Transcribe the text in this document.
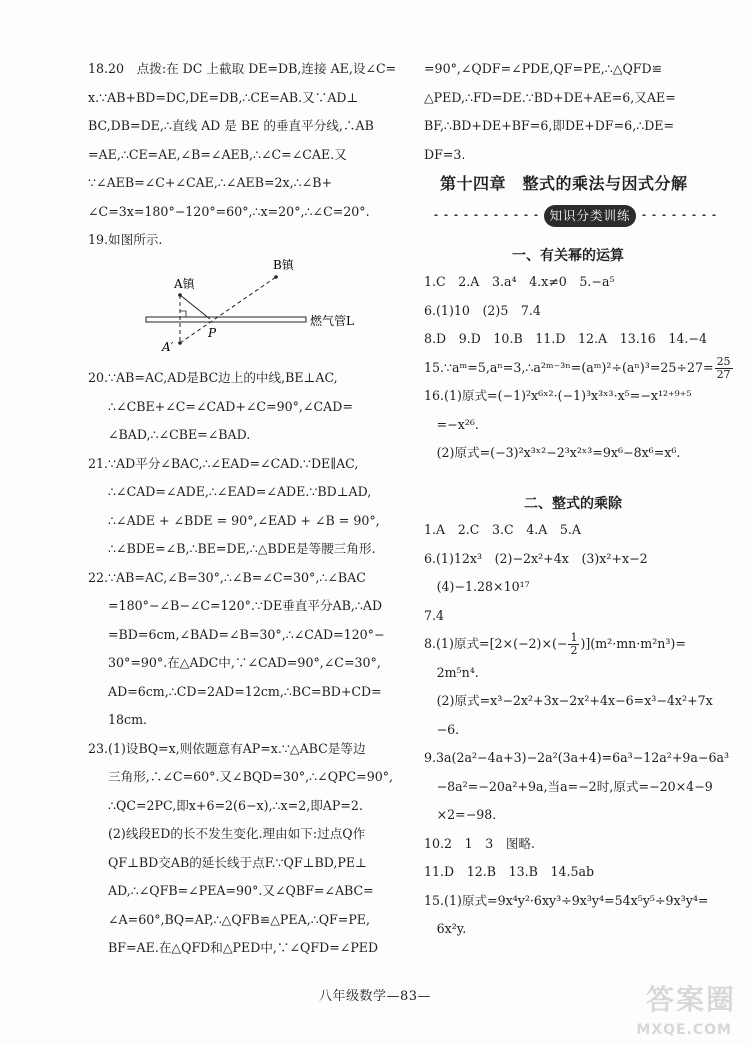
18.20　点拨:在 DC 上截取 DE=DB,连接 AE,设∠C=
x.∵AB+BD=DC,DE=DB,∴CE=AB.又∵AD⊥
BC,DB=DE,∴直线 AD 是 BE 的垂直平分线,∴AB
=AE,∴CE=AE,∠B=∠AEB,∴∠C=∠CAE.又
∵∠AEB=∠C+∠CAE,∴∠AEB=2x,∴∠B+
∠C=3x=180°−120°=60°,∴x=20°,∴∠C=20°.
19.如图所示.
B镇
A镇
A′
P
燃气管L
20.∵AB=AC,AD是BC边上的中线,BE⊥AC,
∴∠CBE+∠C=∠CAD+∠C=90°,∠CAD=
∠BAD,∴∠CBE=∠BAD.
21.∵AD平分∠BAC,∴∠EAD=∠CAD.∵DE∥AC,
∴∠CAD=∠ADE,∴∠EAD=∠ADE.∵BD⊥AD,
∴∠ADE + ∠BDE = 90°,∠EAD + ∠B = 90°,
∴∠BDE=∠B,∴BE=DE,∴△BDE是等腰三角形.
22.∵AB=AC,∠B=30°,∴∠B=∠C=30°,∴∠BAC
=180°−∠B−∠C=120°.∵DE垂直平分AB,∴AD
=BD=6cm,∠BAD=∠B=30°,∴∠CAD=120°−
30°=90°.在△ADC中,∵∠CAD=90°,∠C=30°,
AD=6cm,∴CD=2AD=12cm,∴BC=BD+CD=
18cm.
23.(1)设BQ=x,则依题意有AP=x.∵△ABC是等边
三角形,∴∠C=60°.又∠BQD=30°,∴∠QPC=90°,
∴QC=2PC,即x+6=2(6−x),∴x=2,即AP=2.
(2)线段ED的长不发生变化.理由如下:过点Q作
QF⊥BD交AB的延长线于点F.∵QF⊥BD,PE⊥
AD,∴∠QFB=∠PEA=90°.又∠QBF=∠ABC=
∠A=60°,BQ=AP,∴△QFB≌△PEA,∴QF=PE,
BF=AE.在△QFD和△PED中,∵∠QFD=∠PED
=90°,∠QDF=∠PDE,QF=PE,∴△QFD≌
△PED,∴FD=DE.∵BD+DE+AE=6,又AE=
BF,∴BD+DE+BF=6,即DE+DF=6,∴DE=
DF=3.
第十四章　整式的乘法与因式分解
知识分类训练
一、有关幂的运算
1.C　2.A　3.a⁴　4.x≠0　5.−a⁵
6.(1)10　(2)5　7.4
8.D　9.D　10.B　11.D　12.A　13.16　14.−4
15.∵aᵐ=5,aⁿ=3,∴a²ᵐ⁻³ⁿ=(aᵐ)²÷(aⁿ)³=25÷27= $\frac{25}{27}$
16.(1)原式=(−1)²x⁶ˣ²·(−1)³x³ˣ³·x⁵=−x¹²⁺⁹⁺⁵
　=−x²⁶.
　(2)原式=(−3)²x³ˣ²−2³x²ˣ³=9x⁶−8x⁶=x⁶.
二、整式的乘除
1.A　2.C　3.C　4.A　5.A
6.(1)12x³　(2)−2x²+4x　(3)x²+x−2
　(4)−1.28×10¹⁷
7.4
8.(1)原式$=[2\times(-2)\times(- \frac{1}{2} )](m^2\cdot mn\cdot m^2n^3)=$
　2m⁵n⁴.
　(2)原式=x³−2x²+3x−2x²+4x−6=x³−4x²+7x
　−6.
9.3a(2a²−4a+3)−2a²(3a+4)=6a³−12a²+9a−6a³
　−8a²=−20a²+9a,当a=−2时,原式=−20×4−9
　×2=−98.
10.2　1　3　图略.
11.D　12.B　13.B　14.5ab
15.(1)原式=9x⁴y²·6xy³÷9x³y⁴=54x⁵y⁵÷9x³y⁴=
　6x²y.
八年级数学—83—	答案圈
MXQE.COM
